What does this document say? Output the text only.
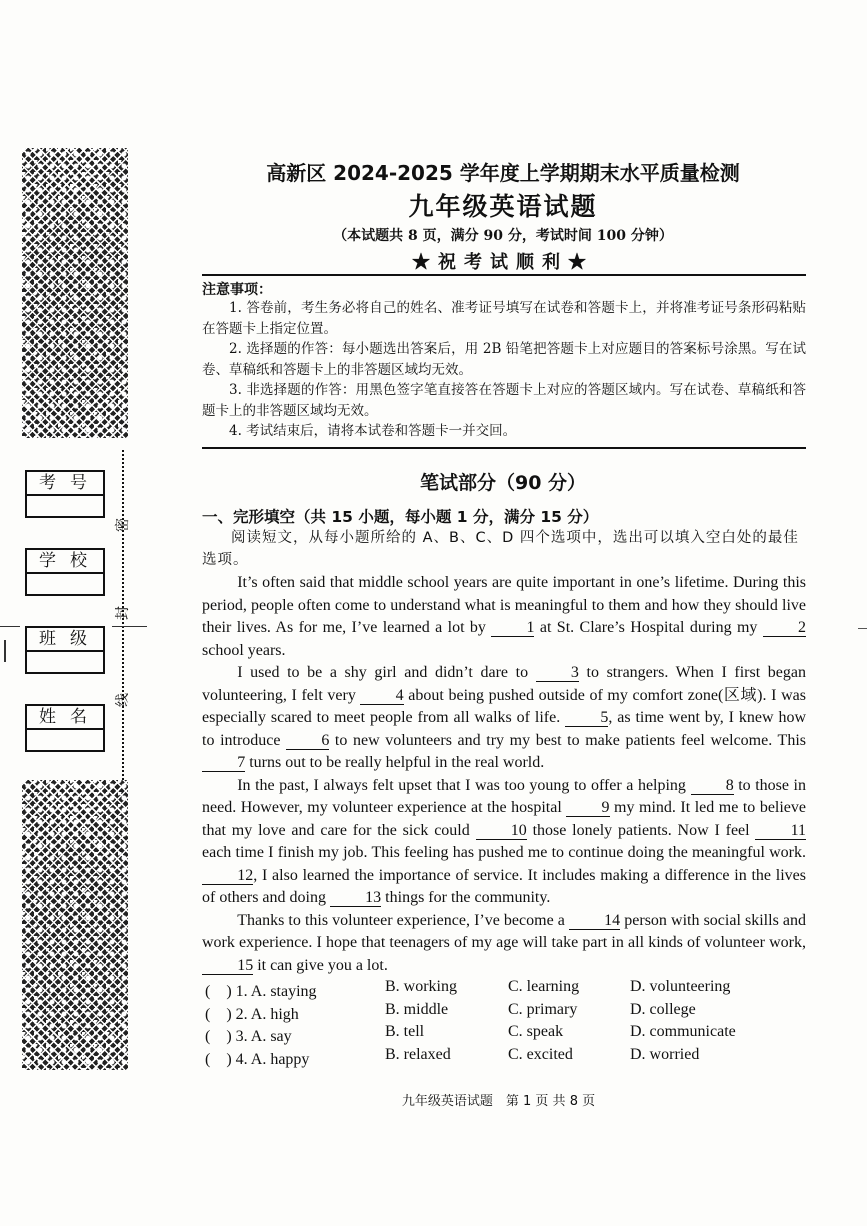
考号
学校
班级
姓名
密
封
线
高新区 2024-2025 学年度上学期期末水平质量检测
九年级英语试题
（本试题共 8 页，满分 90 分，考试时间 100 分钟）
★祝考试顺利★
注意事项：

1. 答卷前，考生务必将自己的姓名、准考证号填写在试卷和答题卡上，并将准考证号条形码粘贴在答题卡上指定位置。

2. 选择题的作答：每小题选出答案后，用 2B 铅笔把答题卡上对应题目的答案标号涂黑。写在试卷、草稿纸和答题卡上的非答题区域均无效。

3. 非选择题的作答：用黑色签字笔直接答在答题卡上对应的答题区域内。写在试卷、草稿纸和答题卡上的非答题区域均无效。

4. 考试结束后，请将本试卷和答题卡一并交回。

笔试部分（90 分）
一、完形填空（共 15 小题，每小题 1 分，满分 15 分）
阅读短文，从每小题所给的 A、B、C、D 四个选项中，选出可以填入空白处的最佳选项。

It’s often said that middle school years are quite important in one’s lifetime. During this period, people often come to understand what is meaningful to them and how they should live their lives. As for me, I’ve learned a lot by 1 at St. Clare’s Hospital during my 2 school years.

I used to be a shy girl and didn’t dare to 3 to strangers. When I first began volunteering, I felt very 4 about being pushed outside of my comfort zone(区域). I was especially scared to meet people from all walks of life. 5, as time went by, I knew how to introduce 6 to new volunteers and try my best to make patients feel welcome. This 7 turns out to be really helpful in the real world.

In the past, I always felt upset that I was too young to offer a helping 8 to those in need. However, my volunteer experience at the hospital 9 my mind. It led me to believe that my love and care for the sick could 10 those lonely patients. Now I feel 11 each time I finish my job. This feeling has pushed me to continue doing the meaningful work. 12, I also learned the importance of service. It includes making a difference in the lives of others and doing 13 things for the community.

Thanks to this volunteer experience, I’ve become a 14 person with social skills and work experience. I hope that teenagers of my age will take part in all kinds of volunteer work, 15 it can give you a lot.

(　) 1. A. staying	B. working	C. learning	D. volunteering
(　) 2. A. high	B. middle	C. primary	D. college
(　) 3. A. say	B. tell	C. speak	D. communicate
(　) 4. A. happy	B. relaxed	C. excited	D. worried
九年级英语试题　第 1 页 共 8 页
